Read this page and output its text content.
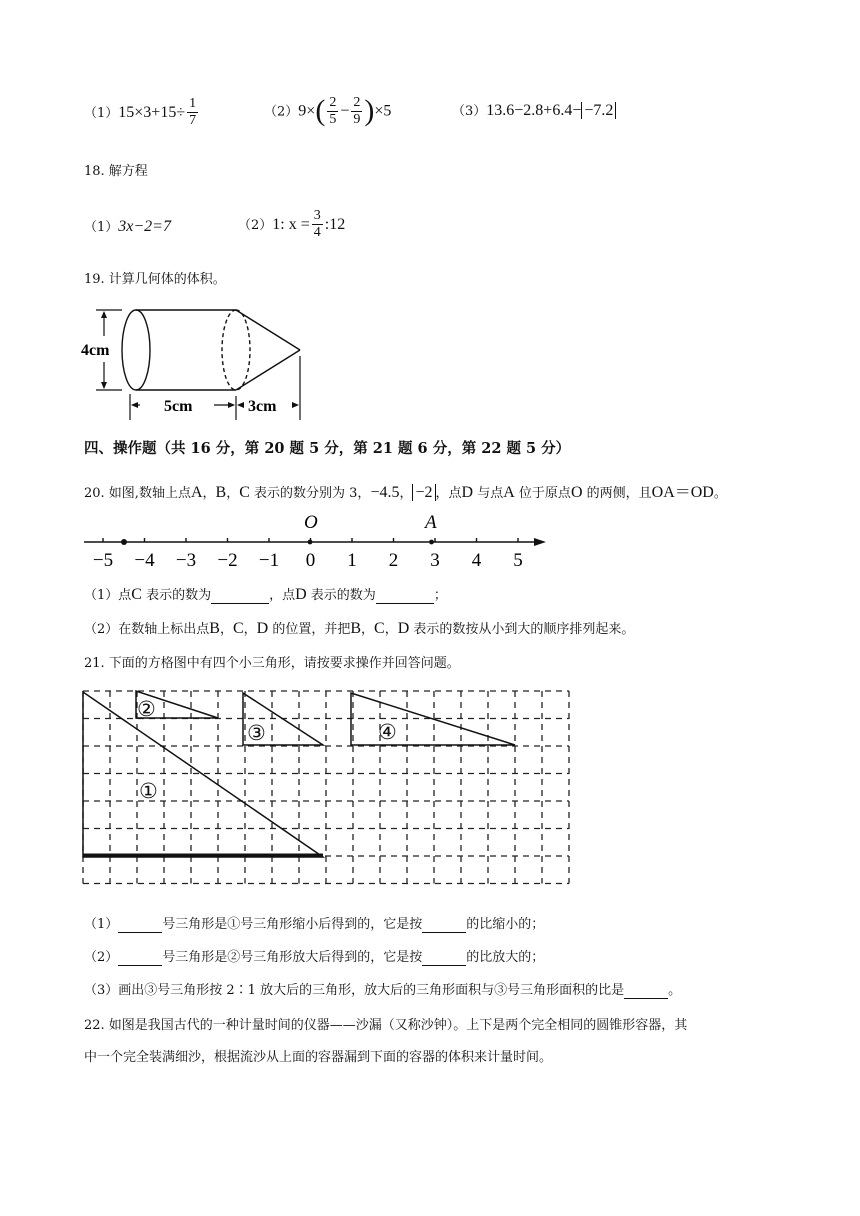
$(1)15\times 3+15\div \frac{1}{7}$	$(2)9\times( \frac{2}{5} - \frac{2}{9} )\times 5$	（3）13.6−2.8+6.4− −7.2
18. 解方程
（1）3x−2=7	（2）1: $x = \frac{3}{4}$ :12
19. 计算几何体的体积。
4cm
5cm	3cm
四、操作题（共 16 分，第 20 题 5 分，第 21 题 6 分，第 22 题 5 分）
20. 如图,数轴上点A，B，C 表示的数分别为 3，−4.5， −2 ，点D 与点A 位于原点O 的两侧，且OA＝OD。
−5 −4 −3 −2 −1 0 1 2 3 4 5
O	A
（1）点C 表示的数为	，点D 表示的数为	；
（2）在数轴上标出点B，C，D 的位置，并把B，C，D 表示的数按从小到大的顺序排列起来。
21. 下面的方格图中有四个小三角形，请按要求操作并回答问题。
②
③	④
①
（1）	号三角形是①号三角形缩小后得到的，它是按	的比缩小的；
（2）	号三角形是②号三角形放大后得到的，它是按	的比放大的；
（3）画出③号三角形按 2∶1 放大后的三角形，放大后的三角形面积与③号三角形面积的比是	。
22. 如图是我国古代的一种计量时间的仪器——沙漏（又称沙钟）。上下是两个完全相同的圆锥形容器，其
中一个完全装满细沙，根据流沙从上面的容器漏到下面的容器的体积来计量时间。
